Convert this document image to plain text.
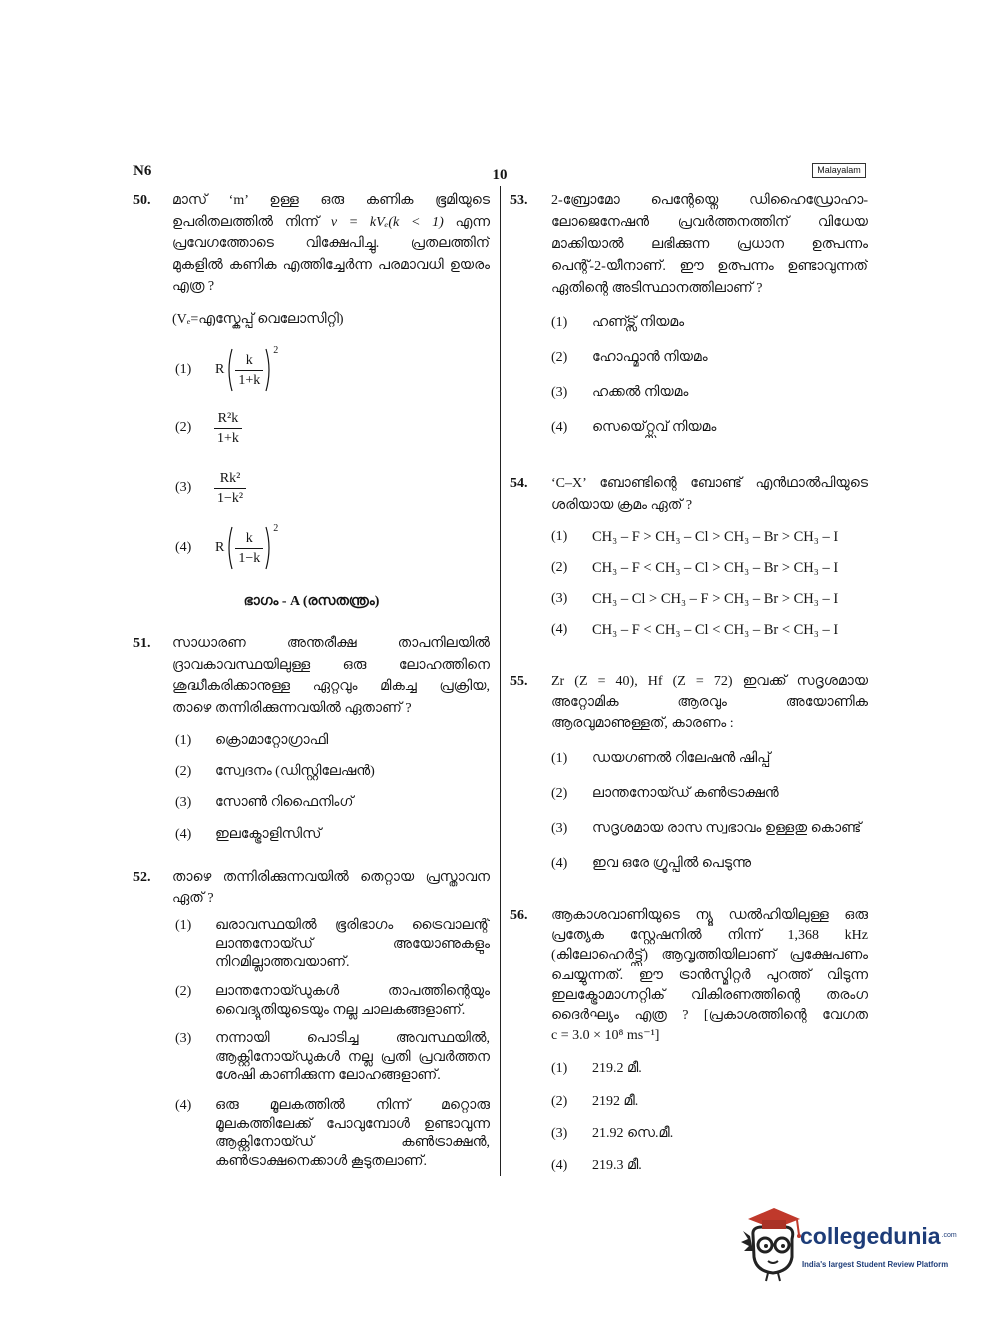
N6	10	Malayalam
50. മാസ് ‘m’ ഉള്ള ഒരു കണിക ഭൂമിയുടെ
ഉപരിതലത്തിൽ നിന്ന് v = kVₑ(k < 1) എന്ന
പ്രവേഗത്തോടെ വിക്ഷേപിച്ചു. പ്രതലത്തിന്
മുകളിൽ കണിക എത്തിച്ചേർന്ന പരമാവധി ഉയരം
എത്ര ?
(Vₑ=എസ്കേപ്പ് വെലോസിറ്റി)
(1) R $\frac{k}{1+k}$
2
$(2) \frac{\text{R²k}}{1+k}$
$(3) \frac{\text{Rk²}}{\text{1−k²}}$
(4) R $\frac{k}{1-k}$
2
ഭാഗം - A (രസതന്ത്രം)
51. സാധാരണ അന്തരീക്ഷ താപനിലയിൽ
ദ്രാവകാവസ്ഥയിലുള്ള ഒരു ലോഹത്തിനെ
ശുദ്ധീകരിക്കാനുള്ള ഏറ്റവും മികച്ച പ്രക്രിയ,
താഴെ തന്നിരിക്കുന്നവയിൽ ഏതാണ് ?
(1) ക്രൊമാറ്റോഗ്രാഫി
(2) സ്വേദനം (ഡിസ്റ്റിലേഷൻ)
(3) സോൺ റിഫൈനിംഗ്
(4) ഇലക്ട്രോളിസിസ്
52. താഴെ തന്നിരിക്കുന്നവയിൽ തെറ്റായ പ്രസ്താവന
ഏത് ?
(1) ഖരാവസ്ഥയിൽ ഭൂരിഭാഗം ട്രൈവാലന്റ്
ലാന്തനോയ്ഡ് അയോണുകളും
നിറമില്ലാത്തവയാണ്.
(2) ലാന്തനോയ്ഡുകൾ താപത്തിന്റെയും
വൈദ്യുതിയുടെയും നല്ല ചാലകങ്ങളാണ്.
(3) നന്നായി പൊടിച്ച അവസ്ഥയിൽ,
ആക്റ്റിനോയ്ഡുകൾ നല്ല പ്രതി പ്രവർത്തന
ശേഷി കാണിക്കുന്ന ലോഹങ്ങളാണ്.
(4) ഒരു മൂലകത്തിൽ നിന്ന് മറ്റൊരു
മൂലകത്തിലേക്ക് പോവുമ്പോൾ ഉണ്ടാവുന്ന
ആക്റ്റിനോയ്ഡ് കൺട്രാക്ഷൻ,
കൺട്രാക്ഷനെക്കാൾ കൂടുതലാണ്.
53. 2-ബ്രോമോ പെന്റേയ്നെ ഡിഹൈഡ്രോഹാ-
ലോജെനേഷൻ പ്രവർത്തനത്തിന് വിധേയ
മാക്കിയാൽ ലഭിക്കുന്ന പ്രധാന ഉത്പന്നം
പെന്റ്-2-യീനാണ്. ഈ ഉത്പന്നം ഉണ്ടാവുന്നത്
ഏതിന്റെ അടിസ്ഥാനത്തിലാണ് ?
(1) ഹണ്ട്സ് നിയമം
(2) ഹോഫ്മാൻ നിയമം
(3) ഹക്കൽ നിയമം
(4) സെയ്റ്റ്സെവ് നിയമം
54. ‘C–X’ ബോണ്ടിന്റെ ബോണ്ട് എൻഥാൽപിയുടെ
ശരിയായ ക്രമം ഏത് ?
(1) CH₃ – F > CH₃ – Cl > CH₃ – Br > CH₃ – I
(2) CH₃ – F < CH₃ – Cl > CH₃ – Br > CH₃ – I
(3) CH₃ – Cl > CH₃ – F > CH₃ – Br > CH₃ – I
(4) CH₃ – F < CH₃ – Cl < CH₃ – Br < CH₃ – I
55. Zr (Z = 40), Hf (Z = 72) ഇവക്ക് സദൃശമായ
അറ്റോമിക ആരവും അയോണിക
ആരവുമാണുള്ളത്, കാരണം :
(1) ഡയഗണൽ റിലേഷൻ ഷിപ്പ്
(2) ലാന്തനോയ്ഡ് കൺട്രാക്ഷൻ
(3) സദൃശമായ രാസ സ്വഭാവം ഉള്ളതു കൊണ്ട്
(4) ഇവ ഒരേ ഗ്രൂപ്പിൽ പെടുന്നു
56. ആകാശവാണിയുടെ ന്യൂ ഡൽഹിയിലുള്ള ഒരു
പ്രത്യേക സ്റ്റേഷനിൽ നിന്ന് 1,368 kHz
(കിലോഹെർട്ട്സ്) ആവൃത്തിയിലാണ് പ്രക്ഷേപണം
ചെയ്യുന്നത്. ഈ ട്രാൻസ്മിറ്റർ പുറത്ത് വിടുന്ന
ഇലക്ട്രോമാഗ്നറ്റിക് വികിരണത്തിന്റെ തരംഗ
ദൈർഘ്യം എത്ര ? [പ്രകാശത്തിന്റെ വേഗത
c = 3.0 × 10⁸ ms⁻¹]
(1) 219.2 മീ.
(2) 2192 മീ.
(3) 21.92 സെ.മീ.
(4) 219.3 മീ.
collegedunia.com
India's largest Student Review Platform
